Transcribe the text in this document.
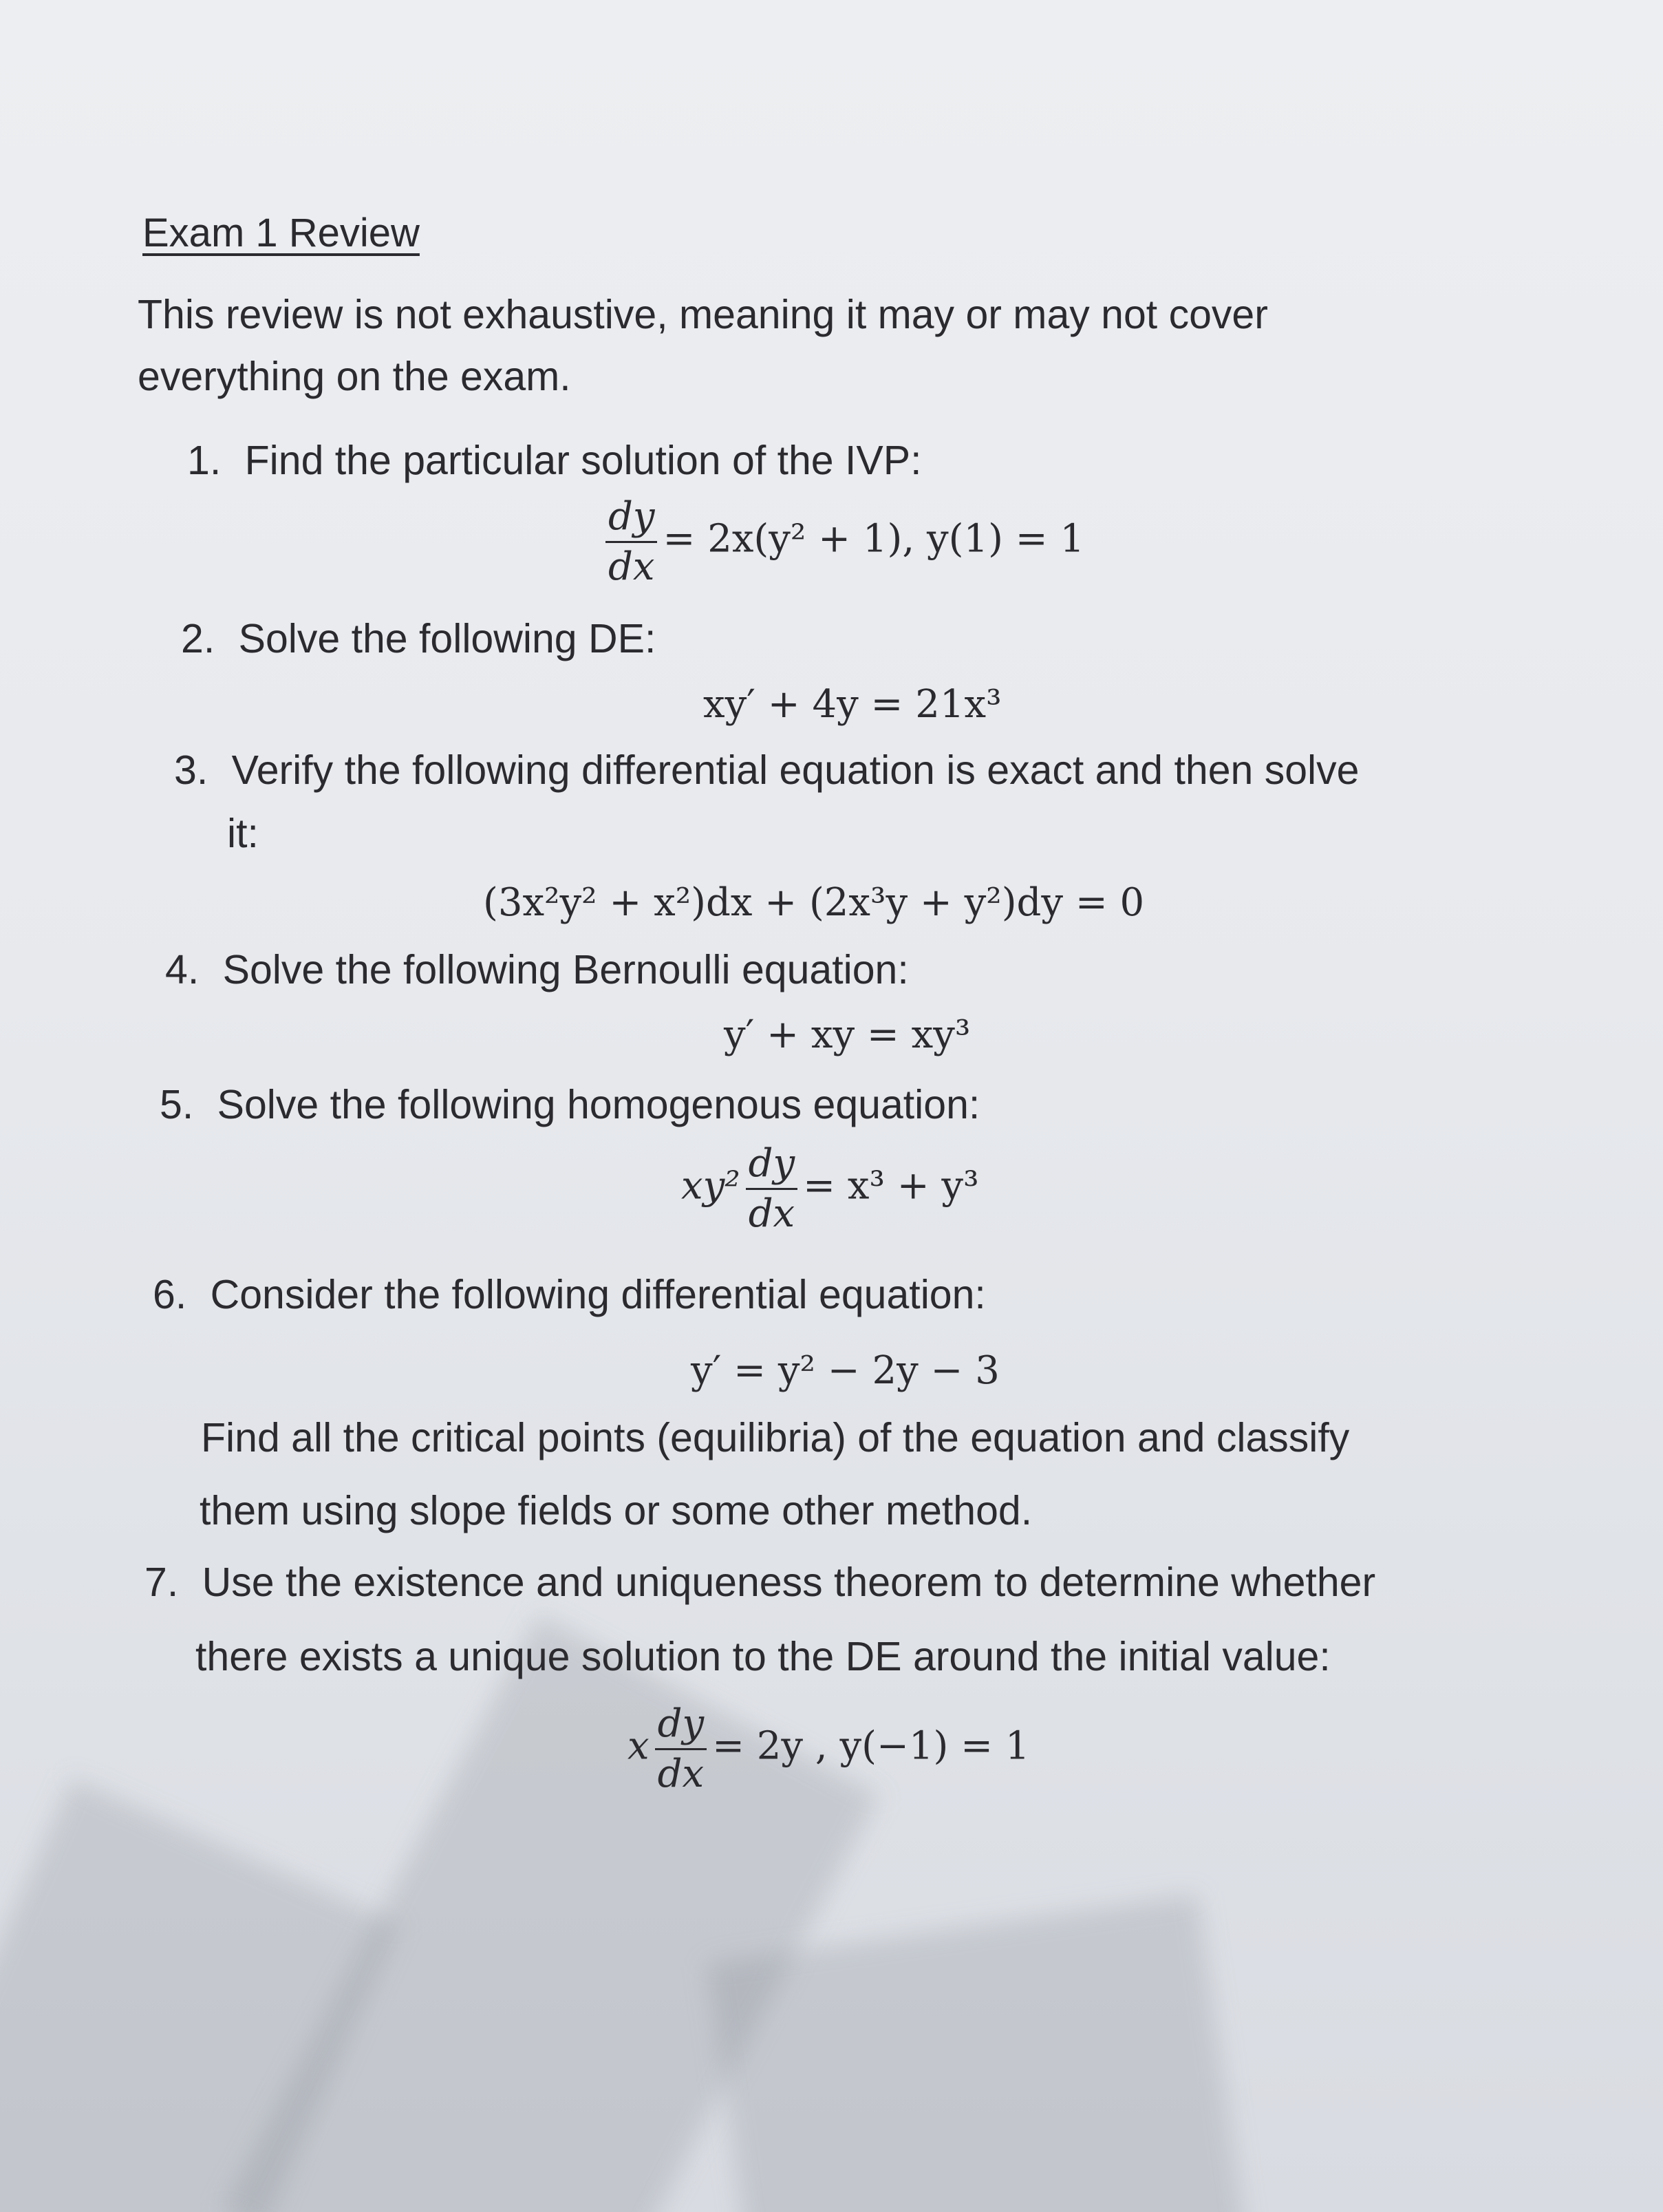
Exam 1 Review
This review is not exhaustive, meaning it may or may not cover
everything on the exam.
1. Find the particular solution of the IVP:
$\frac{dy}{dx} = 2x(y^2 + 1)$, y(1) = 1
2. Solve the following DE:
xy′ + 4y = 21x³
3. Verify the following differential equation is exact and then solve
it:
(3x²y² + x²)dx + (2x³y + y²)dy = 0
4. Solve the following Bernoulli equation:
y′ + xy = xy³
5. Solve the following homogenous equation:
$xy^2 \frac{dy}{dx} = x^3 + y^3$
6. Consider the following differential equation:
y′ = y² − 2y − 3
Find all the critical points (equilibria) of the equation and classify
them using slope fields or some other method.
7. Use the existence and uniqueness theorem to determine whether
there exists a unique solution to the DE around the initial value:
x $\frac{dy}{dx} = 2y$ , y(−1) = 1
